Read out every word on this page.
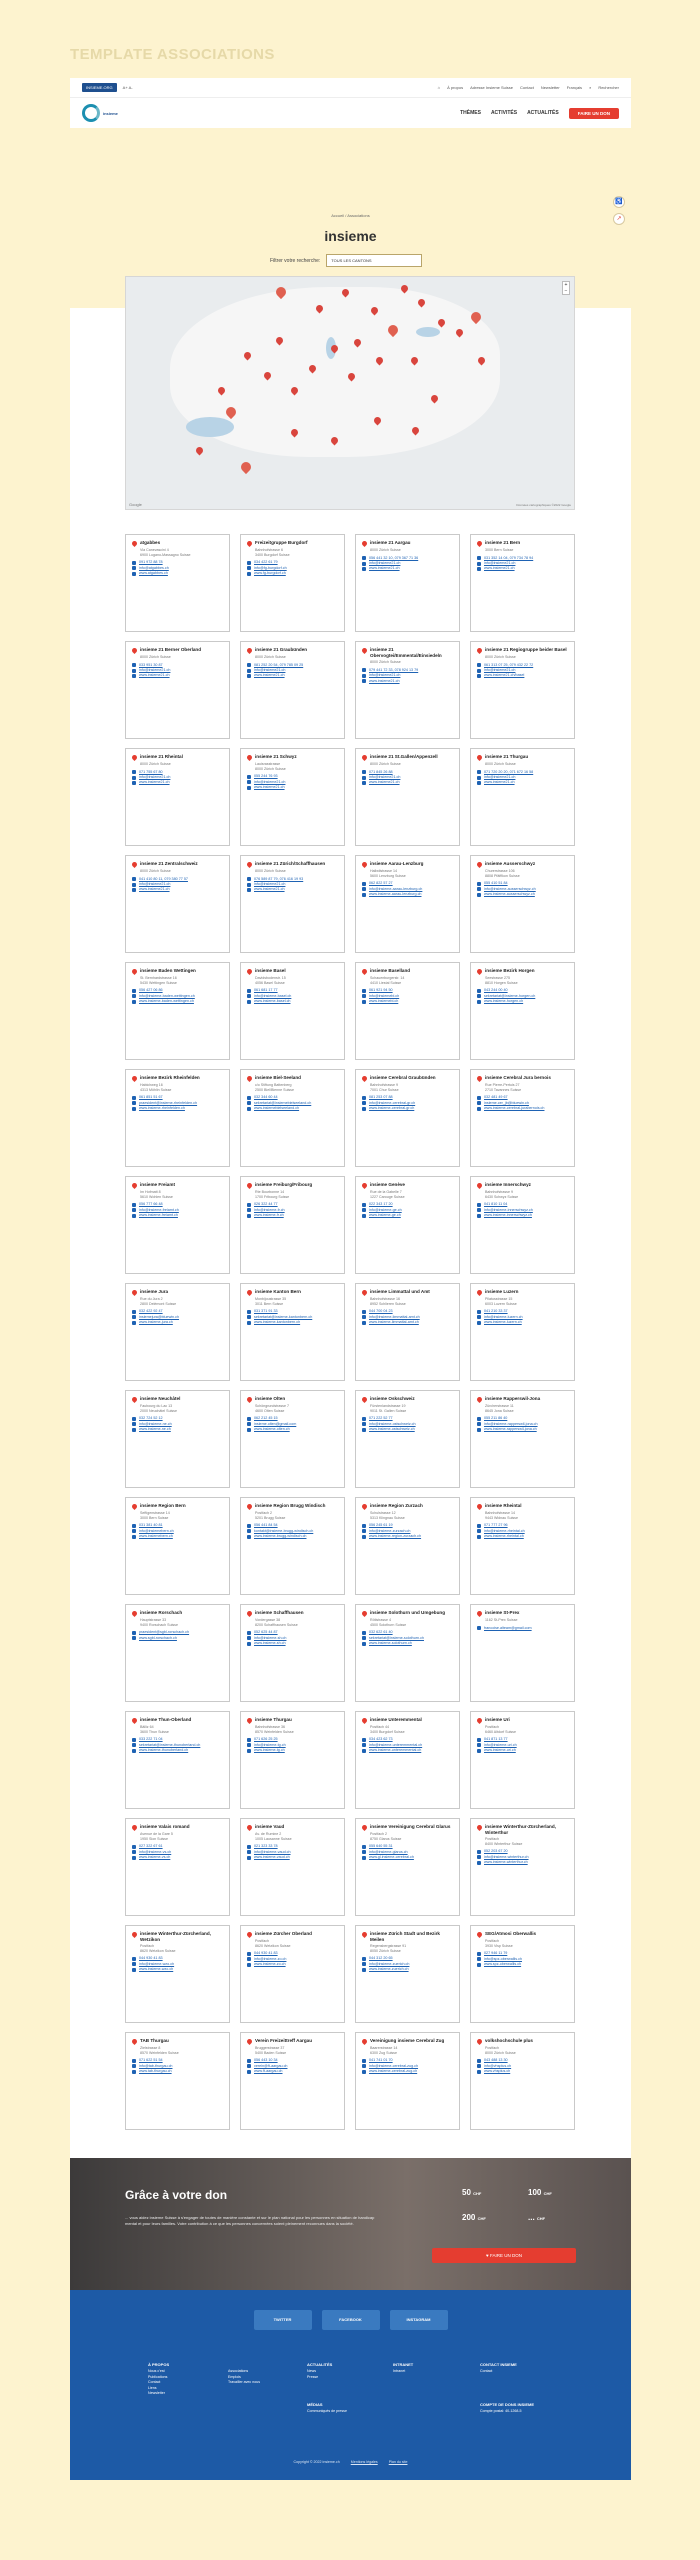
TEMPLATE ASSOCIATIONS
INSIEME.ORG	A+ A-	⌂ À propos Adresse Insieme Suisse Contact Newsletter Français ⌕ Rechercher
insieme	THÈMES ACTIVITÉS ACTUALITÉS	FAIRE UN DON
Accueil / Associations
insieme
Filtrer votre recherche:	TOUS LES CANTONS
♿
↗
+
−
Google	Données cartographiques ©2022 Google
atgabbes
Via Canevascini 4
6900 Lugano-Massagno Suisse
091 972 88 78
info@atgabbes.ch
www.atgabbes.ch
Freizeitgruppe Burgdorf
Bahnhofstrasse 6
3400 Burgdorf Suisse
034 422 61 79
info@fg-burgdorf.ch
www.fg-burgdorf.ch
insieme 21 Aargau
8000 Zürich Suisse
056 441 32 10, 079 367 71 36
info@insieme21.ch
www.insieme21.ch
insieme 21 Bern
3000 Bern Suisse
031 352 14 04, 079 734 78 94
info@insieme21.ch
www.insieme21.ch
insieme 21 Berner Oberland
8000 Zürich Suisse
033 951 30 87
info@insieme21.ch
www.insieme21.ch
insieme 21 Graubünden
8000 Zürich Suisse
081 252 20 54, 079 785 09 25
info@insieme21.ch
www.insieme21.ch
insieme 21 Obervogtei/Emmental/Einsiedeln
8000 Zürich Suisse
079 441 72 33, 078 924 13 79
info@insieme21.ch
www.insieme21.ch
insieme 21 Regiogruppe beider Basel
8000 Zürich Suisse
061 313 07 25, 079 432 22 72
info@insieme21.ch
www.insieme21.ch/basel
insieme 21 Rheintal
8000 Zürich Suisse
071 755 67 80
info@insieme21.ch
www.insieme21.ch
insieme 21 Schwyz
Lauisrasstrasse
8000 Zürich Suisse
055 244 76 93
info@insieme21.ch
www.insieme21.ch
insieme 21 St.Gallen/Appenzell
8000 Zürich Suisse
071 845 26 88
info@insieme21.ch
www.insieme21.ch
insieme 21 Thurgau
8000 Zürich Suisse
071 720 20 20, 071 672 16 58
info@insieme21.ch
www.insieme21.ch
insieme 21 Zentralschweiz
8000 Zürich Suisse
041 410 80 11, 079 380 77 57
info@insieme21.ch
www.insieme21.ch
insieme 21 Zürich/Schaffhausen
8000 Zürich Suisse
076 589 87 79, 076 416 19 93
info@insieme21.ch
www.insieme21.ch
insieme Aarau-Lenzburg
Hallwilstrasse 14
5600 Lenzburg Suisse
062 822 57 27
info@insieme-aarau-lenzburg.ch
www.insieme-aarau-lenzburg.ch
insieme Ausserschwyz
Churerstrasse 106
8808 Pfäffikon Suisse
055 410 51 84
info@insieme-ausserschwyz.ch
www.insieme-ausserschwyz.ch
insieme Baden Wettingen
St. Bernhardstrasse 16
5430 Wettingen Suisse
056 427 06 86
info@insieme-baden-wettingen.ch
www.insieme-baden-wettingen.ch
insieme Basel
Davidsbodenstr. 15
4056 Basel Suisse
061 681 17 77
info@insieme-basel.ch
www.insieme-basel.ch
insieme Baselland
Schauenburgerstr. 14
4410 Liestal Suisse
061 921 94 50
info@insiemebl.ch
www.insiemebl.ch
insieme Bezirk Horgen
Seestrasse 275
8810 Horgen Suisse
043 244 00 40
sekretariat@insieme-horgen.ch
www.insieme-horgen.ch
insieme Bezirk Rheinfelden
Habichweg 16
4313 Möhlin Suisse
061 851 51 67
praesident@insieme-rheinfelden.ch
www.insieme-rheinfelden.ch
insieme Biel-Seeland
c/o Stiftung Battenberg
2500 Biel/Bienne Suisse
032 344 60 44
sekretariat@insiemebielseeland.ch
www.insiemebielseeland.ch
insieme Cerebral Graubünden
Bahnhofstrasse 9
7001 Chur Suisse
081 253 07 88
info@insieme-cerebral-gr.ch
www.insieme-cerebral-gr.ch
insieme Cerebral Jura bernois
Rue Pierre-Pertuis 27
2710 Tavannes Suisse
032 481 49 67
insieme.cer_jb@bluewin.ch
www.insieme-cerebral-jurabernois.ch
insieme Freiamt
Im Hofmatt 8
5610 Wohlen Suisse
056 777 66 48
info@insieme-freiamt.ch
www.insieme-freiamt.ch
insieme Freiburg/Fribourg
Rte Bourbonne 14
1700 Fribourg Suisse
026 322 44 77
info@insieme-fr.ch
www.insieme-fr.ch
insieme Genève
Rue de la Gabelle 7
1227 Carouge Suisse
022 343 17 20
info@insieme-ge.ch
www.insieme-ge.ch
insieme Innerschwyz
Bahnhofstrasse 9
6430 Schwyz Suisse
041 810 11 04
info@insieme-innerschwyz.ch
www.insieme-innerschwyz.ch
insieme Jura
Rue du Jura 2
2800 Delémont Suisse
032 422 92 47
insiemejura@bluewin.ch
www.insieme-jura.ch
insieme Kanton Bern
Monbijoustrasse 35
3011 Bern Suisse
031 371 91 33
sekretariat@insieme-kantonbern.ch
www.insieme-kantonbern.ch
insieme Limmattal und Amt
Bahnhofstrasse 16
8952 Schlieren Suisse
044 700 04 23
info@insieme-limmattal-amt.ch
www.insieme-limmattal-amt.ch
insieme Luzern
Pilatusstrasse 15
6003 Luzern Suisse
041 210 33 37
info@insieme-luzern.ch
www.insieme-luzern.ch
insieme Neuchâtel
Faubourg du Lac 13
2000 Neuchâtel Suisse
032 724 52 12
info@insieme-ne.ch
www.insieme-ne.ch
insieme Olten
Schöngrundstrasse 7
4600 Olten Suisse
062 212 45 15
insieme.olten@gmail.com
www.insieme-olten.ch
insieme Oskschweiz
Fürstenlandstrasse 19
9011 St. Gallen Suisse
071 222 52 77
info@insieme-ostschweiz.ch
www.insieme-ostschweiz.ch
insieme Rapperswil-Jona
Zürcherstrasse 11
8645 Jona Suisse
055 211 86 40
info@insieme-rapperswil-jona.ch
www.insieme-rapperswil-jona.ch
insieme Region Bern
Seftigenstrasse 14
3000 Bern Suisse
031 381 40 81
info@insiemebern.ch
www.insiemebern.ch
insieme Region Brugg Windisch
Postfach 2
5201 Brugg Suisse
056 441 84 54
kontakt@insieme-brugg-windisch.ch
www.insieme-brugg-windisch.ch
insieme Region Zurzach
Schulstrasse 12
5313 Klingnau Suisse
056 245 61 19
info@insieme-zurzach.ch
www.insieme-region-zurzach.ch
insieme Rheintal
Bahnhofstrasse 14
9443 Widnau Suisse
071 777 27 96
info@insieme-rheintal.ch
www.insieme-rheintal.ch
insieme Rorschach
Hauptstrasse 33
9400 Rorschach Suisse
praesident@sgbl-rorschach.ch
www.sgbl-rorschach.ch
insieme Schaffhausen
Vordergasse 38
8200 Schaffhausen Suisse
052 625 44 87
info@insieme-sh.ch
www.insieme-sh.ch
insieme Solothurn und Umgebung
Rötistrasse 4
4500 Solothurn Suisse
032 622 61 40
sekretariat@insieme-solothurn.ch
www.insieme-solothurn.ch
insieme St-Prex
1162 St-Prex Suisse
francoise.alteam@gmail.com
insieme Thun-Oberland
Bälliz 64
3600 Thun Suisse
033 222 71 04
sekretariat@insieme-thunoberland.ch
www.insieme-thunoberland.ch
insieme Thurgau
Bahnhofstrasse 36
8570 Weinfelden Suisse
071 626 25 25
info@insieme-tg.ch
www.insieme-tg.ch
insieme Unteremmental
Postfach 44
3400 Burgdorf Suisse
034 423 62 73
info@insieme-unteremmental.ch
www.insieme-unteremmental.ch
insieme Uri
Postfach
6460 Altdorf Suisse
041 871 13 77
info@insieme-uri.ch
www.insieme-uri.ch
insieme Valais romand
Avenue de la Gare 5
1950 Sion Suisse
027 322 67 61
info@insieme-vs.ch
www.insieme-vs.ch
insieme Vaud
Av. de Rumine 2
1005 Lausanne Suisse
021 323 33 78
info@insieme-vaud.ch
www.insieme-vaud.ch
insieme Vereinigung Cerebral Glarus
Postfach 2
8750 Glarus Suisse
055 640 55 31
info@insieme-glarus.ch
www.gl.insieme-cerebral.ch
insieme Winterthur-Zürcherland, Winterthur
Postfach
8400 Winterthur Suisse
052 203 67 20
info@insieme-winterthur.ch
www.insieme-winterthur.ch
insieme Winterthur-Zürcherland, Wetzikon
Postfach
8620 Wetzikon Suisse
044 930 41 83
info@insieme-wzo.ch
www.insieme-wzo.ch
insieme Zürcher Oberland
Postfach
8620 Wetzikon Suisse
044 930 41 83
info@insieme-zo.ch
www.insieme-zo.ch
insieme Zürich Stadt und Bezirk Meilen
Regensbergstrasse 91
8050 Zürich Suisse
044 312 20 65
info@insieme-zuerich.ch
www.insieme-zuerich.ch
SEG/Atmosi Oberwallis
Postfach
3930 Visp Suisse
027 946 11 79
info@spz-oberwallis.ch
www.spz-oberwallis.ch
TAB Thurgau
Zielstrasse 8
8570 Weinfelden Suisse
071 622 51 54
info@tab-thurgau.ch
www.tab-thurgau.ch
Verein Freizeittreff Aargau
Bruggerstrasse 37
5400 Baden Suisse
056 443 10 34
verein@ft-aargau.ch
www.ft-aargau.ch
Vereinigung insieme Cerebral Zug
Baarerstrasse 14
6300 Zug Suisse
041 741 01 70
info@insieme-cerebral-zug.ch
www.insieme-cerebral-zug.ch
volkshochschule plus
Postfach
8000 Zürich Suisse
043 488 13 30
info@vhsplus.ch
www.vhsplus.ch
Grâce à votre don

... vous aidez insieme Suisse à s'engager de toutes de manière constante et sur le plan national pour les personnes en situation de handicap mental et pour leurs familles. Votre contribution à ce que les personnes concernées soient pleinement reconnues dans la société.

50 CHF	100 CHF
200 CHF	... CHF
♥ FAIRE UN DON
TWITTER	FACEBOOK	INSTAGRAM
À PROPOS
Nous c'est
Publications
Contact
Liens
Newsletter

Associations
Emplois
Travailler avec nous
ACTUALITÉS
News
Presse
INTRANET
Intranet
CONTACT INSIEME
Contact
MÉDIAS
Communiqués de presse
COMPTE DE DONS INSIEME
Compte postal: 40-1268-5
Copyright © 2022 insieme.ch	Mentions légales	Plan du site
